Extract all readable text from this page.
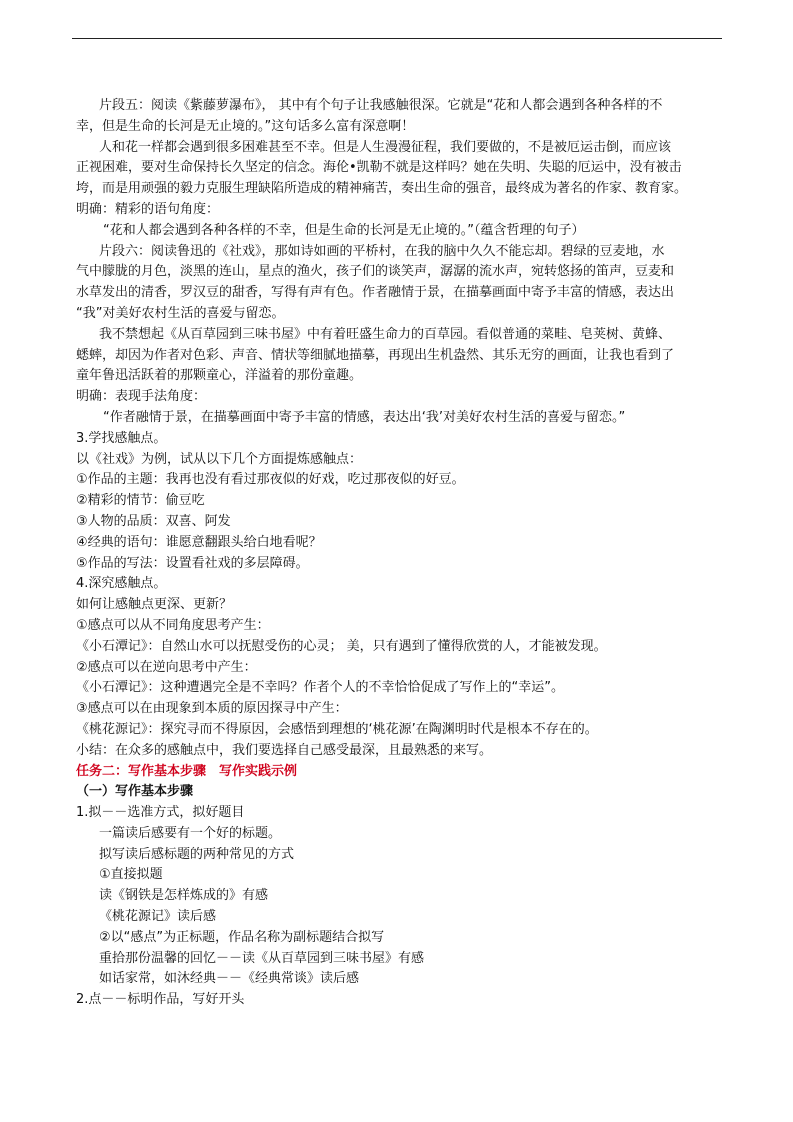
片段五：阅读《紫藤萝瀑布》， 其中有个句子让我感触很深。它就是“花和人都会遇到各种各样的不
幸，但是生命的长河是无止境的。”这句话多么富有深意啊！
人和花一样都会遇到很多困难甚至不幸。但是人生漫漫征程，我们要做的，不是被厄运击倒，而应该
正视困难，要对生命保持长久坚定的信念。海伦•凯勒不就是这样吗？她在失明、失聪的厄运中，没有被击
垮，而是用顽强的毅力克服生理缺陷所造成的精神痛苦，奏出生命的强音，最终成为著名的作家、教育家。
明确：精彩的语句角度：
“花和人都会遇到各种各样的不幸，但是生命的长河是无止境的。”（蕴含哲理的句子）
片段六：阅读鲁迅的《社戏》，那如诗如画的平桥村，在我的脑中久久不能忘却。碧绿的豆麦地，水
气中朦胧的月色，淡黑的连山，星点的渔火，孩子们的谈笑声，潺潺的流水声，宛转悠扬的笛声，豆麦和
水草发出的清香，罗汉豆的甜香，写得有声有色。作者融情于景，在描摹画面中寄予丰富的情感，表达出
“我”对美好农村生活的喜爱与留恋。
我不禁想起《从百草园到三味书屋》中有着旺盛生命力的百草园。看似普通的菜畦、皂荚树、黄蜂、
蟋蟀，却因为作者对色彩、声音、情状等细腻地描摹，再现出生机盎然、其乐无穷的画面，让我也看到了
童年鲁迅活跃着的那颗童心，洋溢着的那份童趣。
明确：表现手法角度：
“作者融情于景，在描摹画面中寄予丰富的情感，表达出‘我’对美好农村生活的喜爱与留恋。”
3.学找感触点。
以《社戏》为例，试从以下几个方面提炼感触点：
①作品的主题：我再也没有看过那夜似的好戏，吃过那夜似的好豆。
②精彩的情节：偷豆吃
③人物的品质：双喜、阿发
④经典的语句：谁愿意翻跟头给白地看呢？
⑤作品的写法：设置看社戏的多层障碍。
4.深究感触点。
如何让感触点更深、更新？
①感点可以从不同角度思考产生：
《小石潭记》：自然山水可以抚慰受伤的心灵； 美，只有遇到了懂得欣赏的人，才能被发现。
②感点可以在逆向思考中产生：
《小石潭记》：这种遭遇完全是不幸吗？作者个人的不幸恰恰促成了写作上的“幸运”。
③感点可以在由现象到本质的原因探寻中产生：
《桃花源记》：探究寻而不得原因，会感悟到理想的‘桃花源’在陶渊明时代是根本不存在的。
小结：在众多的感触点中，我们要选择自己感受最深，且最熟悉的来写。
任务二：写作基本步骤　写作实践示例
（一）写作基本步骤
1.拟－－选准方式，拟好题目
一篇读后感要有一个好的标题。
拟写读后感标题的两种常见的方式
①直接拟题
读《钢铁是怎样炼成的》有感
《桃花源记》读后感
②以“感点”为正标题，作品名称为副标题结合拟写
重拾那份温馨的回忆－－读《从百草园到三味书屋》有感
如话家常，如沐经典－－《经典常谈》读后感
2.点－－标明作品，写好开头
